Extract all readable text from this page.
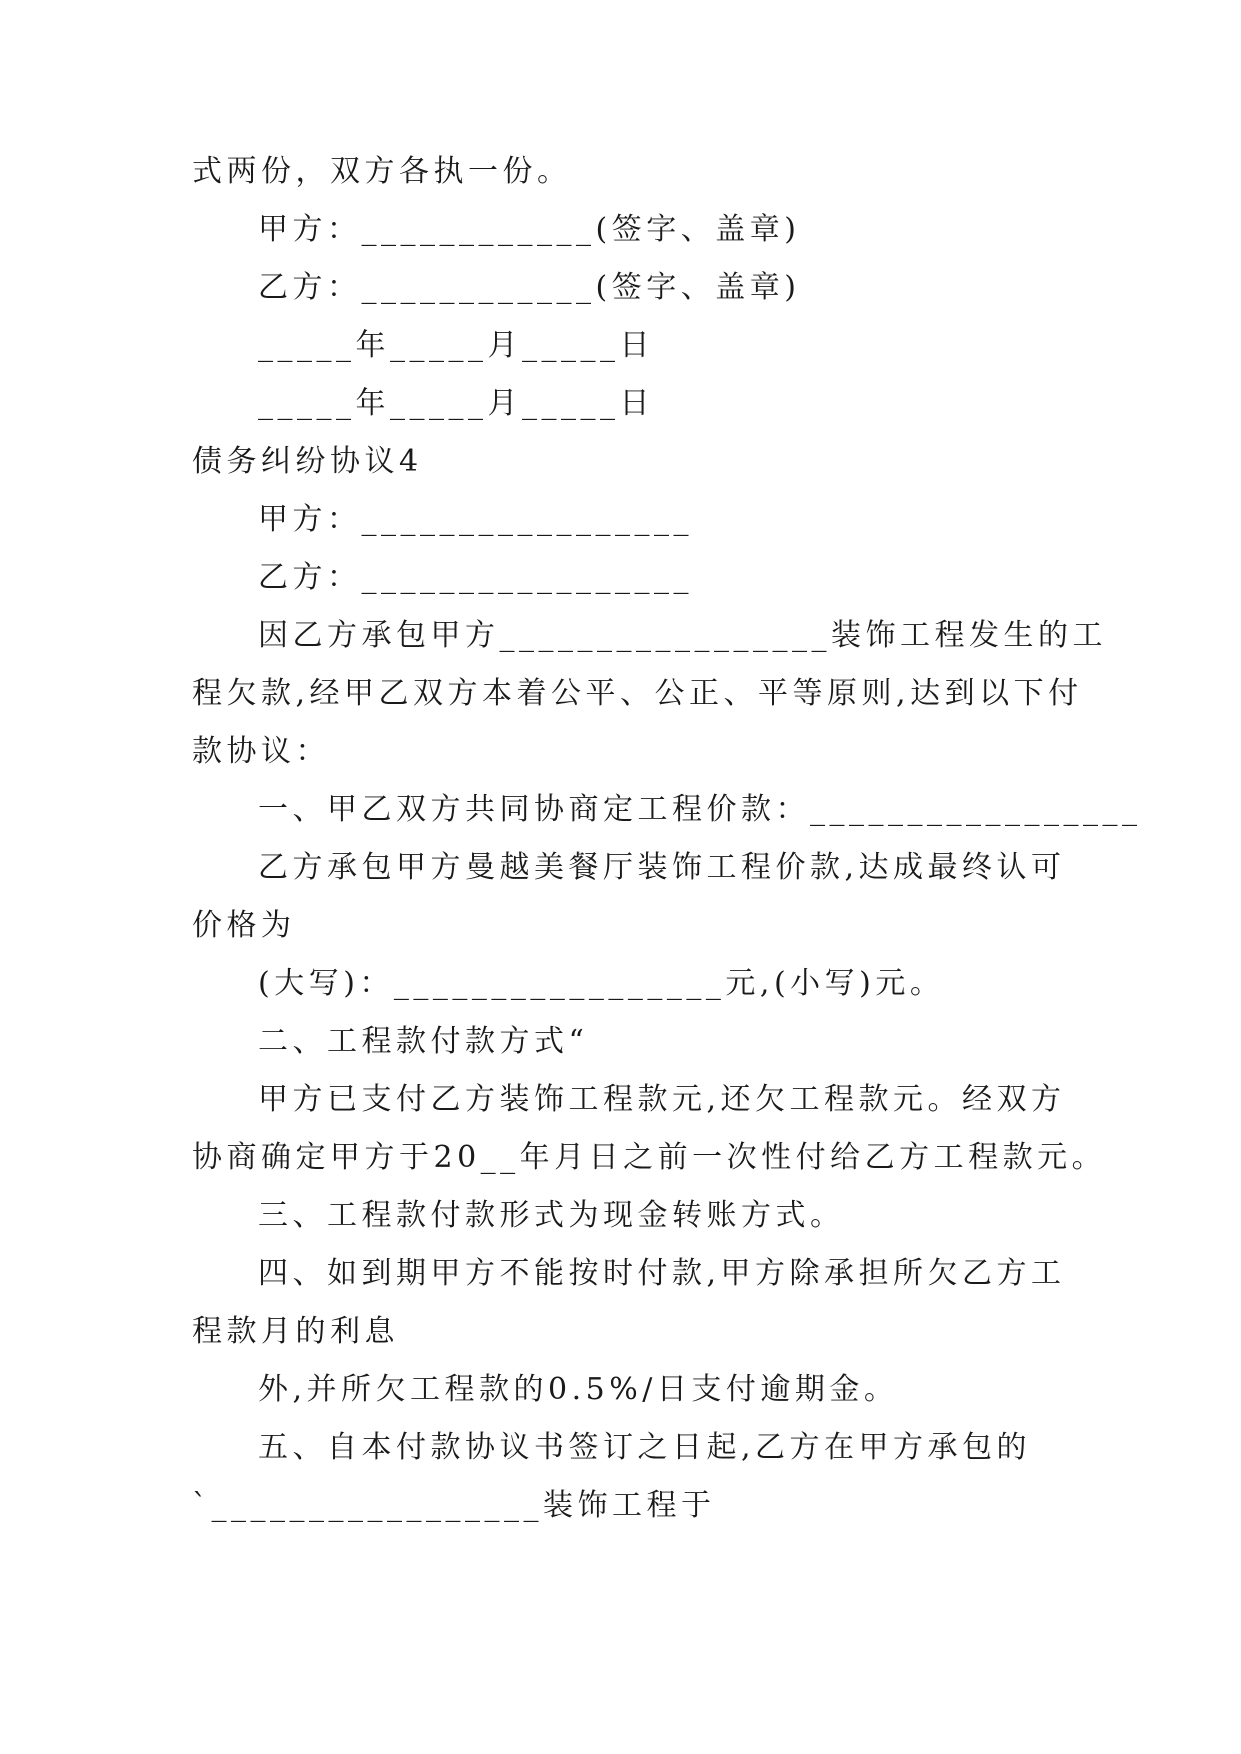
式两份，双方各执一份。
甲方：____________(签字、盖章)
乙方：____________(签字、盖章)
_____年_____月_____日
_____年_____月_____日
债务纠纷协议4
甲方：_________________
乙方：_________________
因乙方承包甲方_________________装饰工程发生的工
程欠款,经甲乙双方本着公平、公正、平等原则,达到以下付
款协议：
一、甲乙双方共同协商定工程价款：_________________
乙方承包甲方曼越美餐厅装饰工程价款,达成最终认可
价格为
(大写)：_________________元,(小写)元。
二、工程款付款方式“
甲方已支付乙方装饰工程款元,还欠工程款元。经双方
协商确定甲方于20__年月日之前一次性付给乙方工程款元。
三、工程款付款形式为现金转账方式。
四、如到期甲方不能按时付款,甲方除承担所欠乙方工
程款月的利息
外,并所欠工程款的0.5%/日支付逾期金。
五、自本付款协议书签订之日起,乙方在甲方承包的
`_________________装饰工程于
